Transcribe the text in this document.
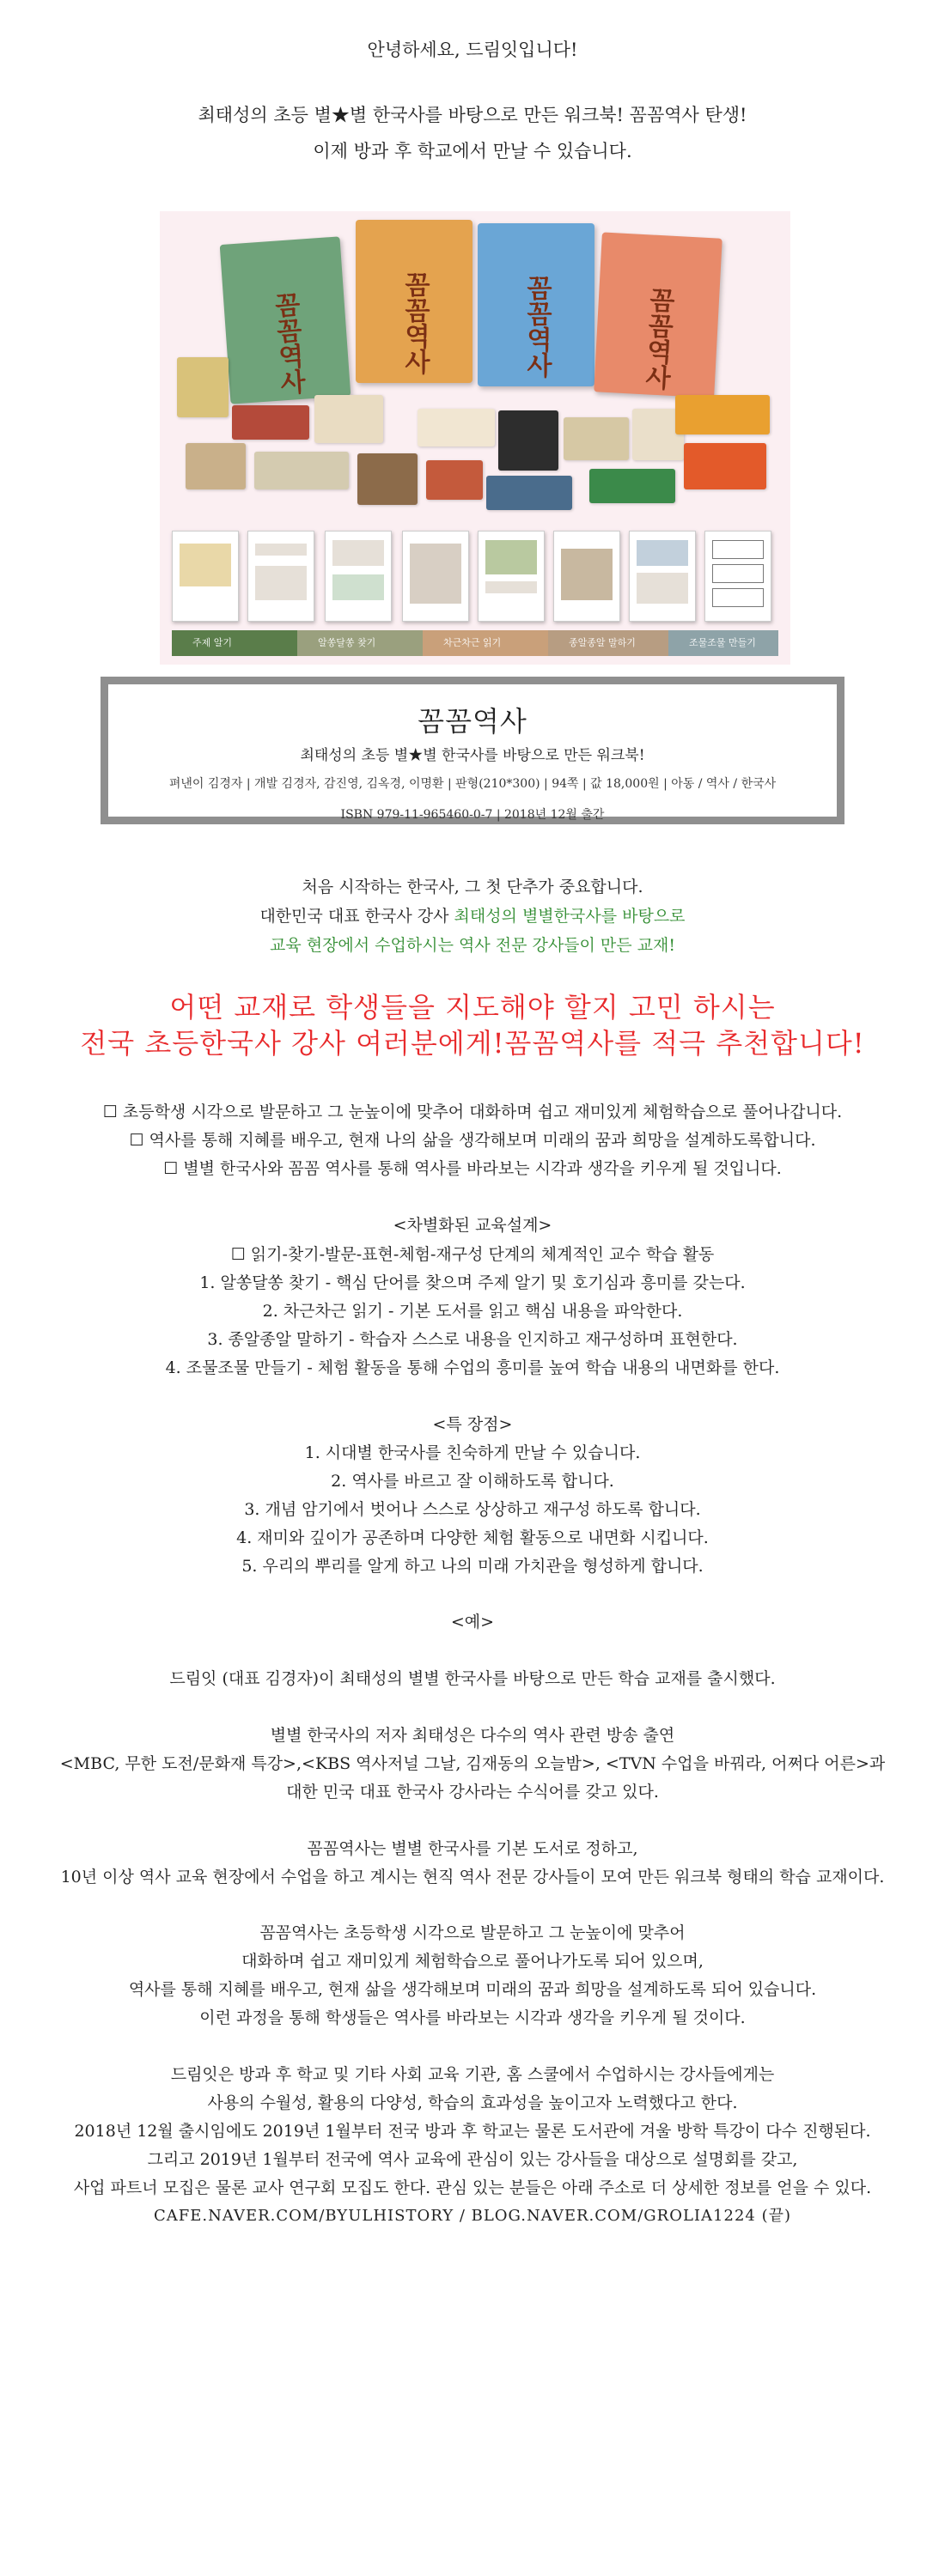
안녕하세요, 드림잇입니다!
최태성의 초등 별★별 한국사를 바탕으로 만든 워크북! 꼼꼼역사 탄생!
이제 방과 후 학교에서 만날 수 있습니다.
꼼꼼역사	꼼꼼역사	꼼꼼역사	꼼꼼역사
주제 알기	알쏭달쏭 찾기	차근차근 읽기	종알종알 말하기	조물조물 만들기
꼼꼼역사
최태성의 초등 별★별 한국사를 바탕으로 만든 워크북!
펴낸이 김경자 | 개발 김경자, 감진영, 김옥경, 이명환 | 판형(210*300) | 94쪽 | 값 18,000원 | 아동 / 역사 / 한국사
ISBN 979-11-965460-0-7 | 2018년 12월 출간
처음 시작하는 한국사, 그 첫 단추가 중요합니다.
대한민국 대표 한국사 강사 최태성의 별별한국사를 바탕으로
교육 현장에서 수업하시는 역사 전문 강사들이 만든 교재!
어떤 교재로 학생들을 지도해야 할지 고민 하시는
전국 초등한국사 강사 여러분에게!꼼꼼역사를 적극 추천합니다!
☐ 초등학생 시각으로 발문하고 그 눈높이에 맞추어 대화하며 쉽고 재미있게 체험학습으로 풀어나갑니다.
☐ 역사를 통해 지혜를 배우고, 현재 나의 삶을 생각해보며 미래의 꿈과 희망을 설계하도록합니다.
☐ 별별 한국사와 꼼꼼 역사를 통해 역사를 바라보는 시각과 생각을 키우게 될 것입니다.
<차별화된 교육설계>
☐ 읽기-찾기-발문-표현-체험-재구성 단계의 체계적인 교수 학습 활동
1. 알쏭달쏭 찾기 - 핵심 단어를 찾으며 주제 알기 및 호기심과 흥미를 갖는다.
2. 차근차근 읽기 - 기본 도서를 읽고 핵심 내용을 파악한다.
3. 종알종알 말하기 - 학습자 스스로 내용을 인지하고 재구성하며 표현한다.
4. 조물조물 만들기 - 체험 활동을 통해 수업의 흥미를 높여 학습 내용의 내면화를 한다.
<특 장점>
1. 시대별 한국사를 친숙하게 만날 수 있습니다.
2. 역사를 바르고 잘 이해하도록 합니다.
3. 개념 암기에서 벗어나 스스로 상상하고 재구성 하도록 합니다.
4. 재미와 깊이가 공존하며 다양한 체험 활동으로 내면화 시킵니다.
5. 우리의 뿌리를 알게 하고 나의 미래 가치관을 형성하게 합니다.
<예>
드림잇 (대표 김경자)이 최태성의 별별 한국사를 바탕으로 만든 학습 교재를 출시했다.
별별 한국사의 저자 최태성은 다수의 역사 관련 방송 출연
<MBC, 무한 도전/문화재 특강>,<KBS 역사저널 그날, 김재동의 오늘밤>, <TVN 수업을 바꿔라, 어쩌다 어른>과
대한 민국 대표 한국사 강사라는 수식어를 갖고 있다.
꼼꼼역사는 별별 한국사를 기본 도서로 정하고,
10년 이상 역사 교육 현장에서 수업을 하고 계시는 현직 역사 전문 강사들이 모여 만든 워크북 형태의 학습 교재이다.
꼼꼼역사는 초등학생 시각으로 발문하고 그 눈높이에 맞추어
대화하며 쉽고 재미있게 체험학습으로 풀어나가도록 되어 있으며,
역사를 통해 지혜를 배우고, 현재 삶을 생각해보며 미래의 꿈과 희망을 설계하도록 되어 있습니다.
이런 과정을 통해 학생들은 역사를 바라보는 시각과 생각을 키우게 될 것이다.
드림잇은 방과 후 학교 및 기타 사회 교육 기관, 홈 스쿨에서 수업하시는 강사들에게는
사용의 수월성, 활용의 다양성, 학습의 효과성을 높이고자 노력했다고 한다.
2018년 12월 출시임에도 2019년 1월부터 전국 방과 후 학교는 물론 도서관에 겨울 방학 특강이 다수 진행된다.
그리고 2019년 1월부터 전국에 역사 교육에 관심이 있는 강사들을 대상으로 설명회를 갖고,
사업 파트너 모집은 물론 교사 연구회 모집도 한다. 관심 있는 분들은 아래 주소로 더 상세한 정보를 얻을 수 있다.
CAFE.NAVER.COM/BYULHISTORY / BLOG.NAVER.COM/GROLIA1224 (끝)
